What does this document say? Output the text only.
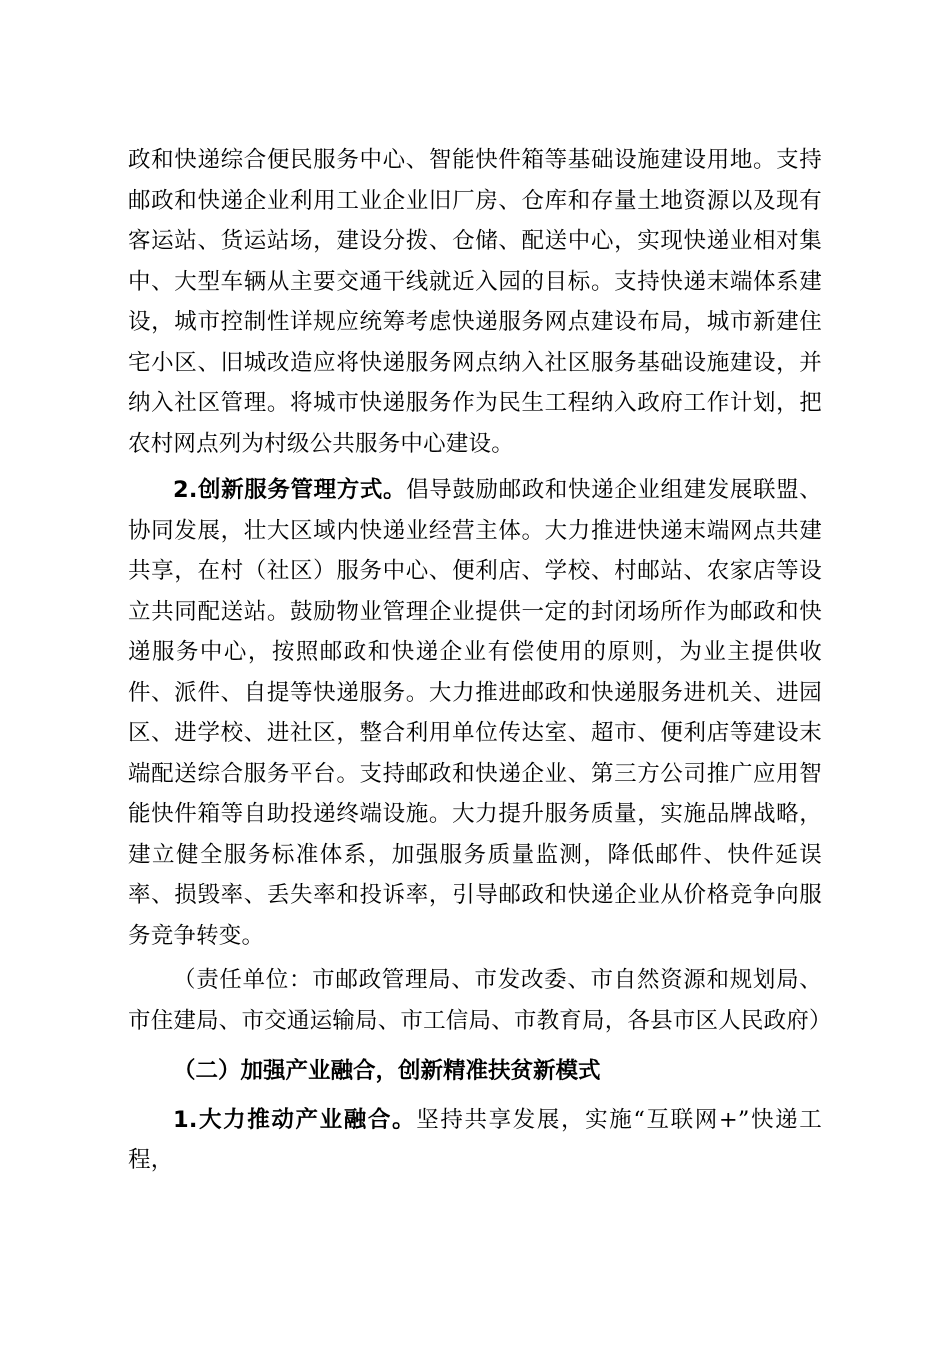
政和快递综合便民服务中心、智能快件箱等基础设施建设用地。支持邮政和快递企业利用工业企业旧厂房、仓库和存量土地资源以及现有客运站、货运站场，建设分拨、仓储、配送中心，实现快递业相对集中、大型车辆从主要交通干线就近入园的目标。支持快递末端体系建设，城市控制性详规应统筹考虑快递服务网点建设布局，城市新建住宅小区、旧城改造应将快递服务网点纳入社区服务基础设施建设，并纳入社区管理。将城市快递服务作为民生工程纳入政府工作计划，把农村网点列为村级公共服务中心建设。

2.创新服务管理方式。倡导鼓励邮政和快递企业组建发展联盟、协同发展，壮大区域内快递业经营主体。大力推进快递末端网点共建共享，在村（社区）服务中心、便利店、学校、村邮站、农家店等设立共同配送站。鼓励物业管理企业提供一定的封闭场所作为邮政和快递服务中心，按照邮政和快递企业有偿使用的原则，为业主提供收件、派件、自提等快递服务。大力推进邮政和快递服务进机关、进园区、进学校、进社区，整合利用单位传达室、超市、便利店等建设末端配送综合服务平台。支持邮政和快递企业、第三方公司推广应用智能快件箱等自助投递终端设施。大力提升服务质量，实施品牌战略，建立健全服务标准体系，加强服务质量监测，降低邮件、快件延误率、损毁率、丢失率和投诉率，引导邮政和快递企业从价格竞争向服务竞争转变。

（责任单位：市邮政管理局、市发改委、市自然资源和规划局、市住建局、市交通运输局、市工信局、市教育局，各县市区人民政府）

（二）加强产业融合，创新精准扶贫新模式

1.大力推动产业融合。坚持共享发展，实施“互联网+”快递工程，
